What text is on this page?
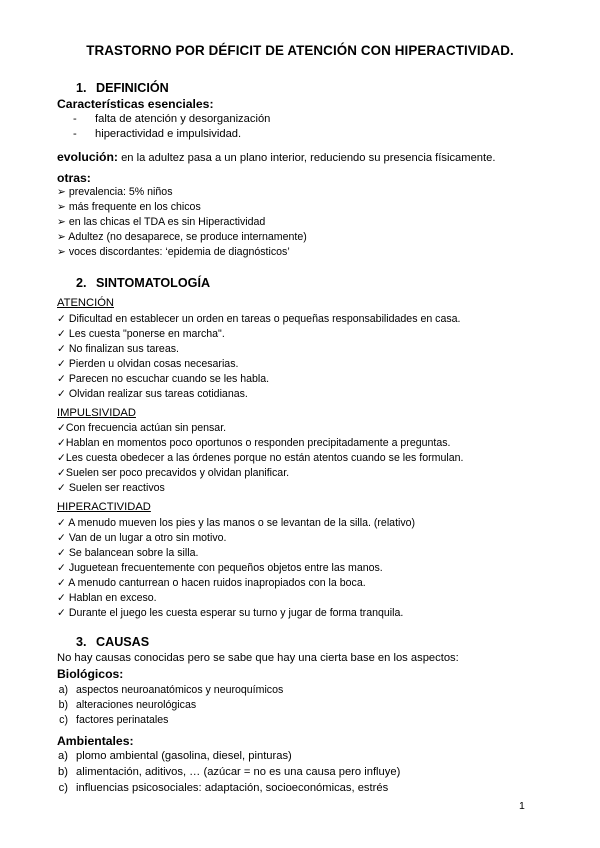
TRASTORNO POR DÉFICIT DE ATENCIÓN CON HIPERACTIVIDAD.
1. DEFINICIÓN
Características esenciales:
- falta de atención y desorganización
- hiperactividad e impulsividad.
evolución: en la adultez pasa a un plano interior, reduciendo su presencia físicamente.
otras:
➢ prevalencia: 5% niños
➢ más frequente en los chicos
➢ en las chicas el TDA es sin Hiperactividad
➢ Adultez (no desaparece, se produce internamente)
➢ voces discordantes: ‘epidemia de diagnósticos’
2. SINTOMATOLOGÍA
ATENCIÓN
✓ Dificultad en establecer un orden en tareas o pequeñas responsabilidades en casa.
✓ Les cuesta "ponerse en marcha".
✓ No finalizan sus tareas.
✓ Pierden u olvidan cosas necesarias.
✓ Parecen no escuchar cuando se les habla.
✓ Olvidan realizar sus tareas cotidianas.
IMPULSIVIDAD
✓Con frecuencia actúan sin pensar.
✓Hablan en momentos poco oportunos o responden precipitadamente a preguntas.
✓Les cuesta obedecer a las órdenes porque no están atentos cuando se les formulan.
✓Suelen ser poco precavidos y olvidan planificar.
✓ Suelen ser reactivos
HIPERACTIVIDAD
✓ A menudo mueven los pies y las manos o se levantan de la silla. (relativo)
✓ Van de un lugar a otro sin motivo.
✓ Se balancean sobre la silla.
✓ Juguetean frecuentemente con pequeños objetos entre las manos.
✓ A menudo canturrean o hacen ruidos inapropiados con la boca.
✓ Hablan en exceso.
✓ Durante el juego les cuesta esperar su turno y jugar de forma tranquila.
3. CAUSAS
No hay causas conocidas pero se sabe que hay una cierta base en los aspectos:
Biológicos:
a) aspectos neuroanatómicos y neuroquímicos
b) alteraciones neurológicas
c) factores perinatales
Ambientales:
a) plomo ambiental (gasolina, diesel, pinturas)
b) alimentación, aditivos, … (azúcar = no es una causa pero influye)
c) influencias psicosociales: adaptación, socioeconómicas, estrés
1
